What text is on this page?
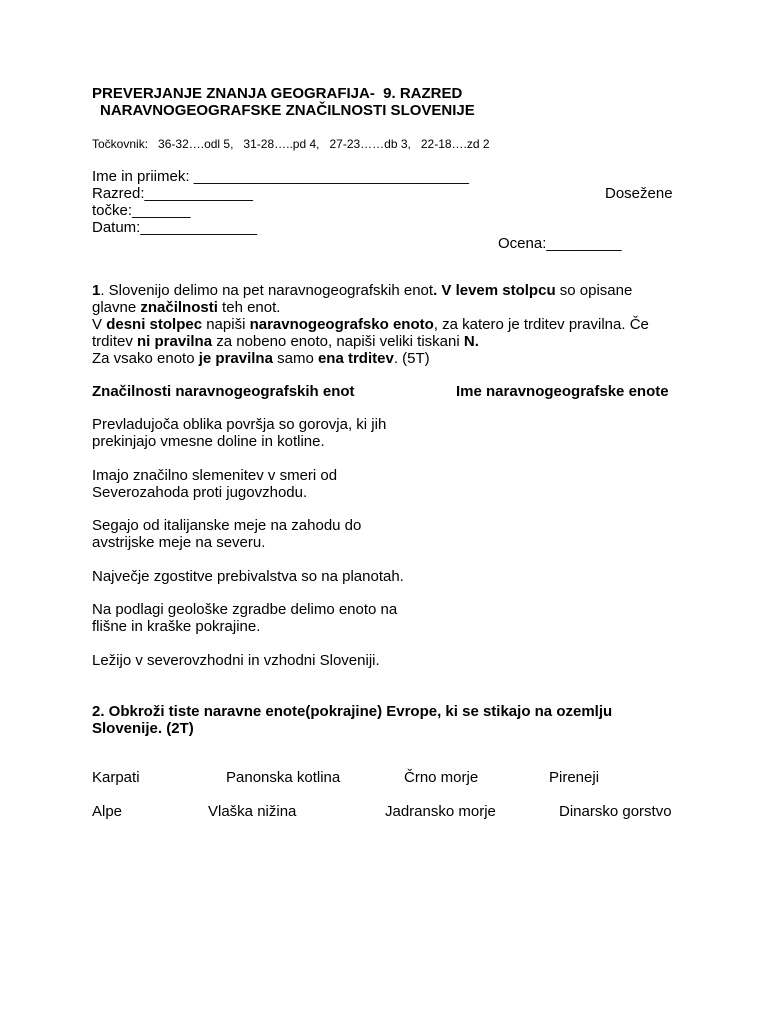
PREVERJANJE ZNANJA GEOGRAFIJA-  9. RAZRED
NARAVNOGEOGRAFSKE ZNAČILNOSTI SLOVENIJE
Točkovnik: 36-32….odl 5,   31-28…..pd 4,   27-23……db 3,   22-18….zd 2
Ime in priimek: _________________________________
Razred:_____________	Dosežene
točke:_______
Datum:______________
Ocena:_________
1. Slovenijo delimo na pet naravnogeografskih enot. V levem stolpcu so opisane
glavne značilnosti teh enot.
V desni stolpec napiši naravnogeografsko enoto, za katero je trditev pravilna. Če
trditev ni pravilna za nobeno enoto, napiši veliki tiskani N.
Za vsako enoto je pravilna samo ena trditev. (5T)
Značilnosti naravnogeografskih enot	Ime naravnogeografske enote
Prevladujoča oblika površja so gorovja, ki jih
prekinjajo vmesne doline in kotline.
Imajo značilno slemenitev v smeri od
Severozahoda proti jugovzhodu.
Segajo od italijanske meje na zahodu do
avstrijske meje na severu.
Največje zgostitve prebivalstva so na planotah.
Na podlagi geološke zgradbe delimo enoto na
flišne in kraške pokrajine.
Ležijo v severovzhodni in vzhodni Sloveniji.
2. Obkroži tiste naravne enote(pokrajine) Evrope, ki se stikajo na ozemlju
Slovenije. (2T)
Karpati	Panonska kotlina	Črno morje	Pireneji
Alpe	Vlaška nižina	Jadransko morje	Dinarsko gorstvo
